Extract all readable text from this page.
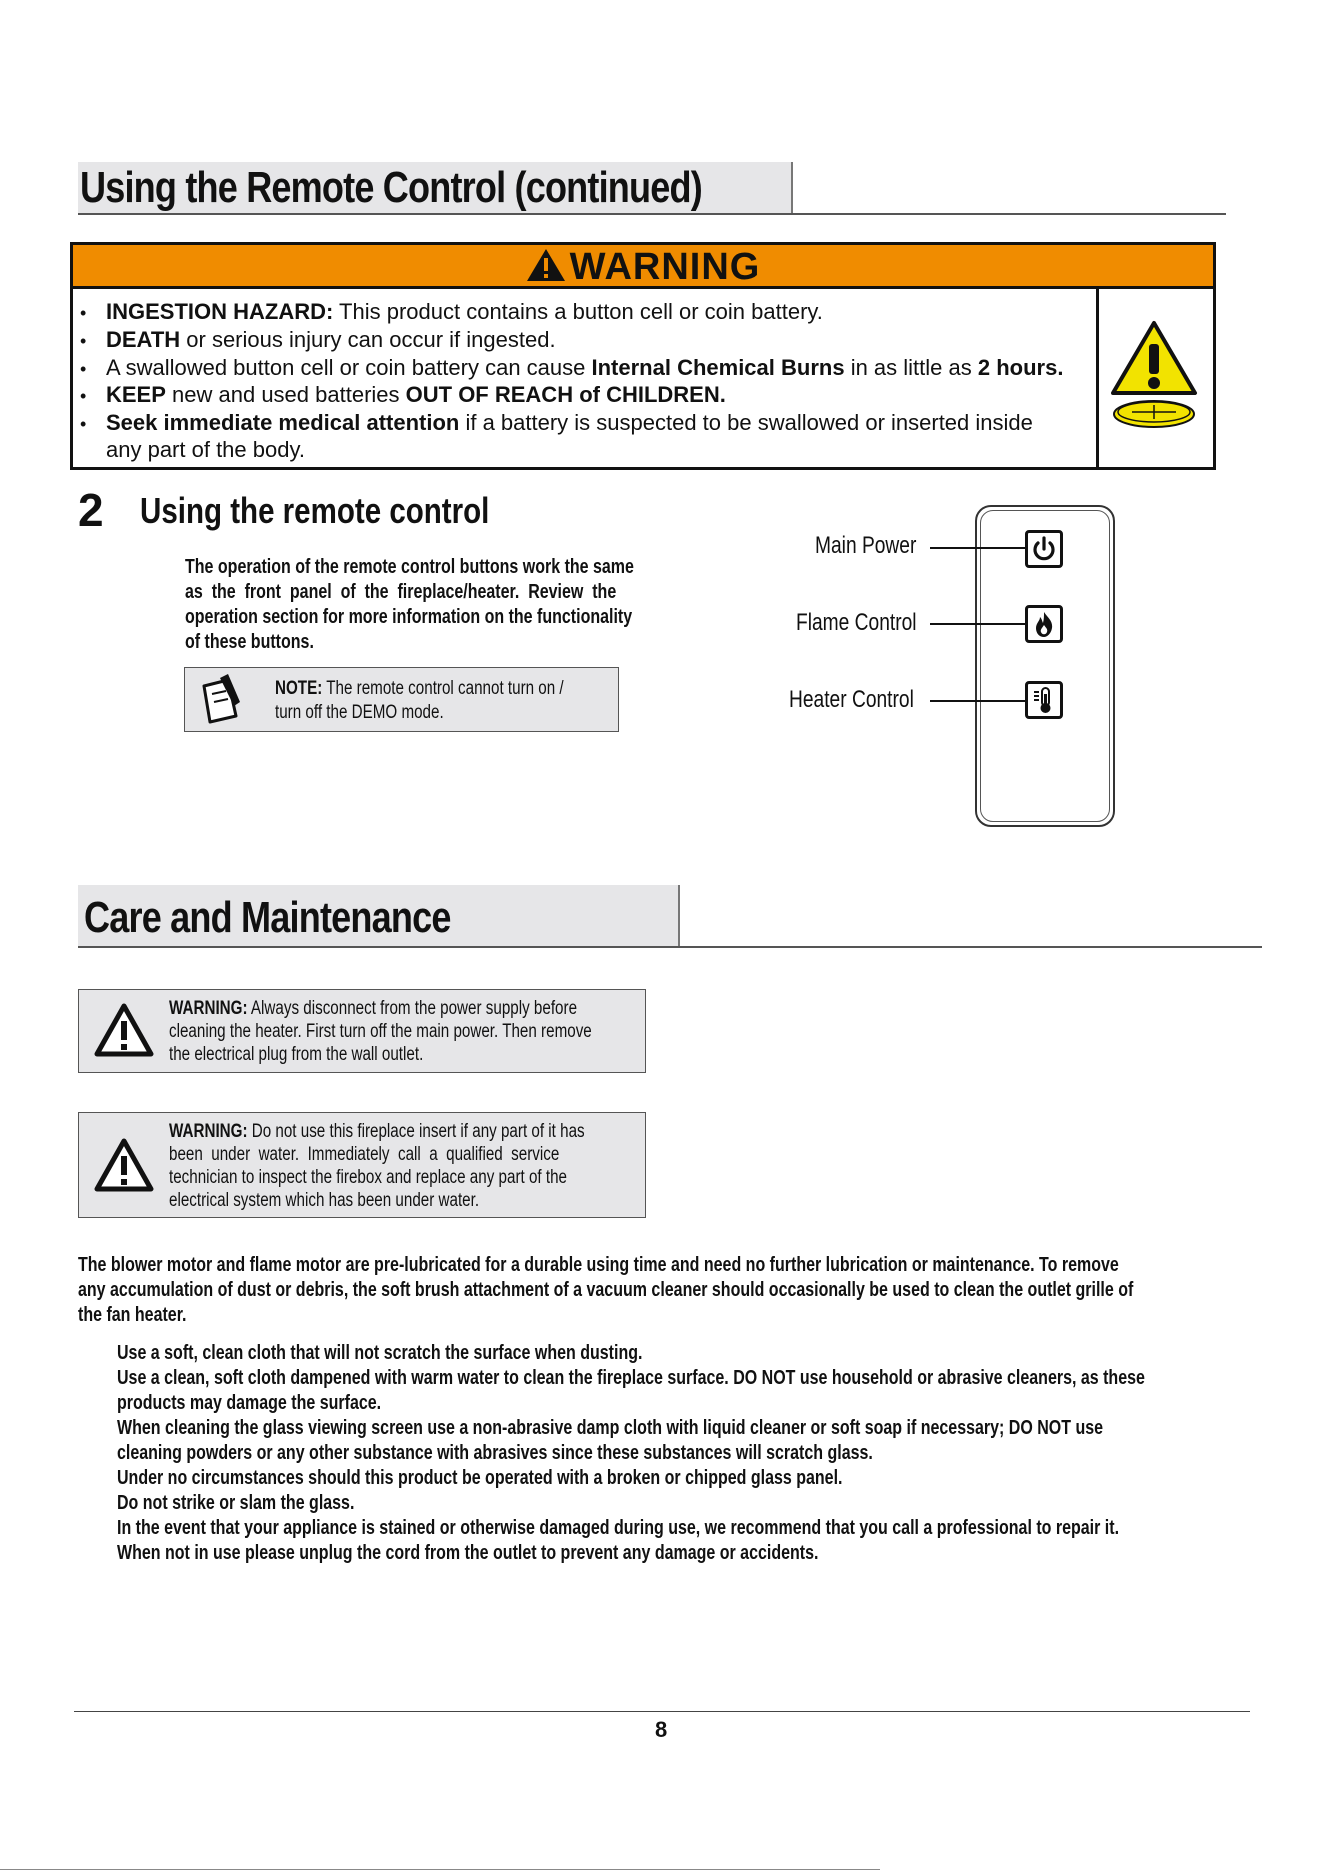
Using the Remote Control (continued)
WARNING
• INGESTION HAZARD: This product contains a button cell or coin battery.
• DEATH or serious injury can occur if ingested.
• A swallowed button cell or coin battery can cause Internal Chemical Burns in as little as 2 hours.
• KEEP new and used batteries OUT OF REACH of CHILDREN.
• Seek immediate medical attention if a battery is suspected to be swallowed or inserted inside
any part of the body.
2 Using the remote control
The operation of the remote control buttons work the same
as  the  front  panel  of  the  fireplace/heater.  Review  the
operation section for more information on the functionality
of these buttons.
NOTE: The remote control cannot turn on /
turn off the DEMO mode.
Main Power
Flame Control
Heater Control
Care and Maintenance
WARNING: Always disconnect from the power supply before
cleaning the heater. First turn off the main power. Then remove
the electrical plug from the wall outlet.
WARNING: Do not use this fireplace insert if any part of it has
been  under  water.  Immediately  call  a  qualified  service
technician to inspect the firebox and replace any part of the
electrical system which has been under water.
The blower motor and flame motor are pre-lubricated for a durable using time and need no further lubrication or maintenance. To remove
any accumulation of dust or debris, the soft brush attachment of a vacuum cleaner should occasionally be used to clean the outlet grille of
the fan heater.
Use a soft, clean cloth that will not scratch the surface when dusting.
Use a clean, soft cloth dampened with warm water to clean the fireplace surface. DO NOT use household or abrasive cleaners, as these
products may damage the surface.
When cleaning the glass viewing screen use a non-abrasive damp cloth with liquid cleaner or soft soap if necessary; DO NOT use
cleaning powders or any other substance with abrasives since these substances will scratch glass.
Under no circumstances should this product be operated with a broken or chipped glass panel.
Do not strike or slam the glass.
In the event that your appliance is stained or otherwise damaged during use, we recommend that you call a professional to repair it.
When not in use please unplug the cord from the outlet to prevent any damage or accidents.
8
